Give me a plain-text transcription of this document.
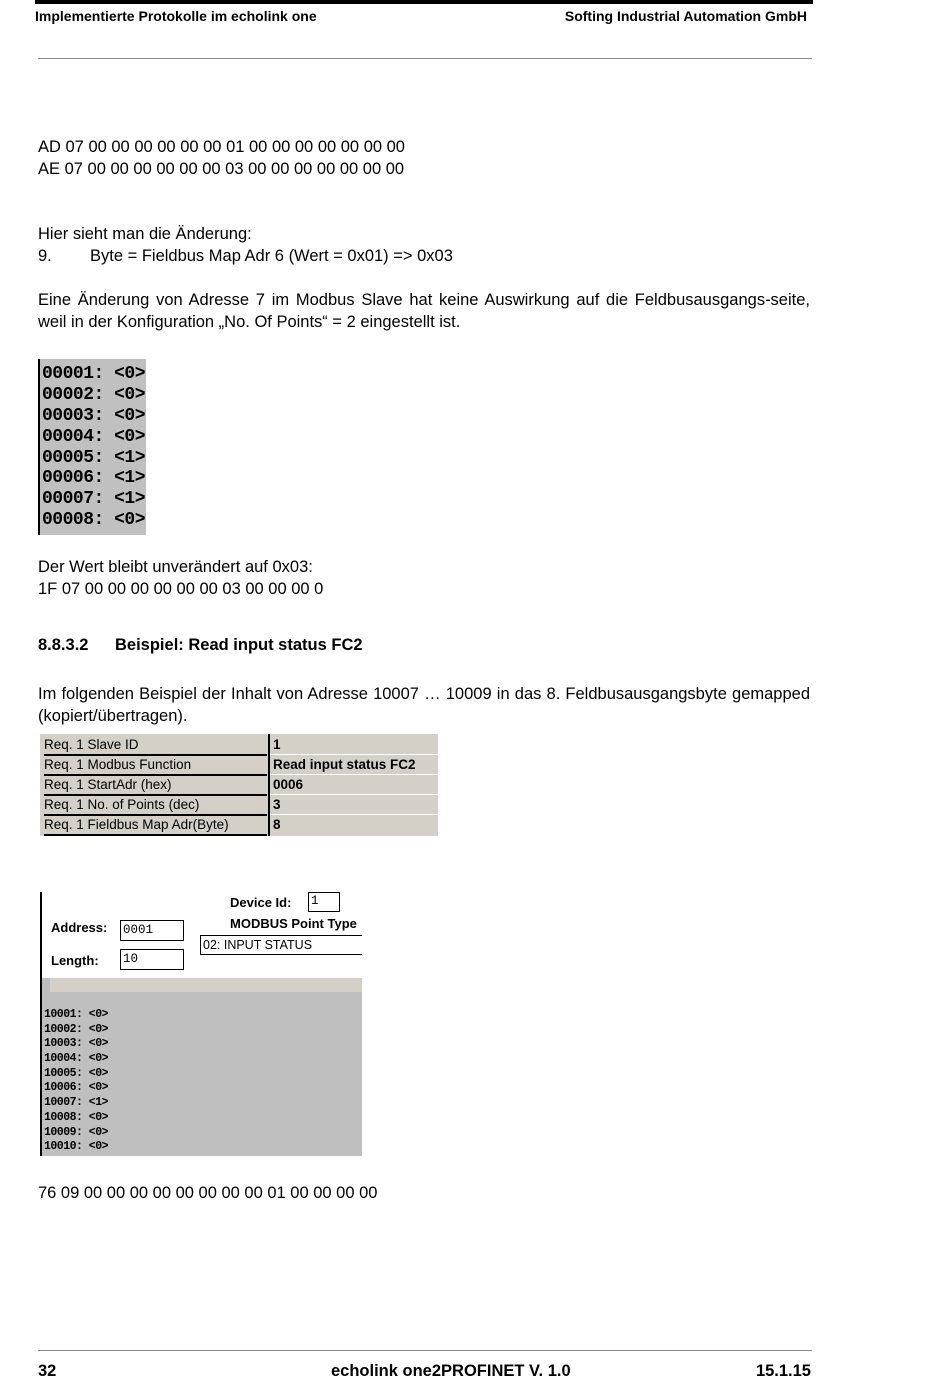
Implementierte Protokolle im echolink one	Softing Industrial Automation GmbH
AD 07 00 00 00 00 00 00 01 00 00 00 00 00 00 00
AE 07 00 00 00 00 00 00 03 00 00 00 00 00 00 00
Hier sieht man die Änderung:
9. Byte = Fieldbus Map Adr 6 (Wert = 0x01) => 0x03
Eine Änderung von Adresse 7 im Modbus Slave hat keine Auswirkung auf die Feldbusausgangs-seite, weil in der Konfiguration „No. Of Points“ = 2 eingestellt ist.
00001: <0>
00002: <0>
00003: <0>
00004: <0>
00005: <1>
00006: <1>
00007: <1>
00008: <0>
Der Wert bleibt unverändert auf 0x03:
1F 07 00 00 00 00 00 00 03 00 00 00 0
8.8.3.2 Beispiel: Read input status FC2
Im folgenden Beispiel der Inhalt von Adresse 10007 … 10009 in das 8. Feldbusausgangsbyte gemapped (kopiert/übertragen).
Req. 1 Slave ID	1
Req. 1 Modbus Function	Read input status FC2
Req. 1 StartAdr (hex)	0006
Req. 1 No. of Points (dec)	3
Req. 1 Fieldbus Map Adr(Byte)	8
Device Id: 1
MODBUS Point Type
02: INPUT STATUS
Address: 0001
Length: 10
10001: <0>
10002: <0>
10003: <0>
10004: <0>
10005: <0>
10006: <0>
10007: <1>
10008: <0>
10009: <0>
10010: <0>
76 09 00 00 00 00 00 00 00 00 01 00 00 00 00
32	echolink one2PROFINET V. 1.0	15.1.15
